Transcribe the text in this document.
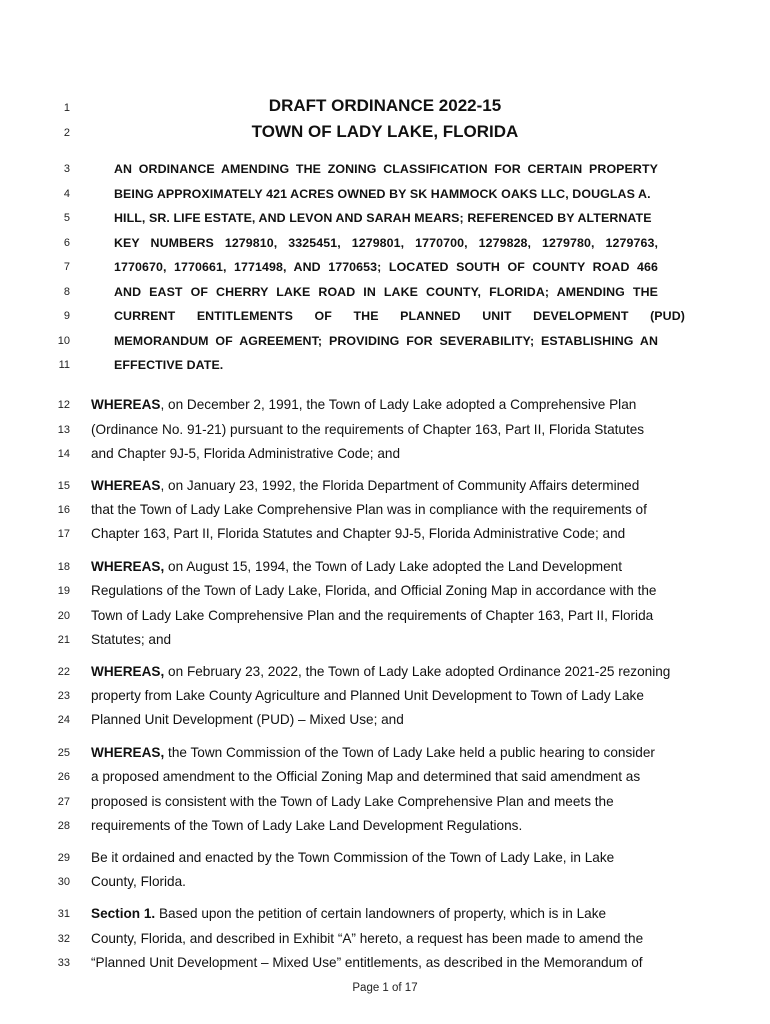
1
2
3
4
5
6
7
8
9
10
11
12
13
14
15
16
17
18
19
20
21
22
23
24
25
26
27
28
29
30
31
32
33
DRAFT ORDINANCE 2022-15
TOWN OF LADY LAKE, FLORIDA
AN ORDINANCE AMENDING THE ZONING CLASSIFICATION FOR CERTAIN PROPERTY
BEING APPROXIMATELY 421 ACRES OWNED BY SK HAMMOCK OAKS LLC, DOUGLAS A.
HILL, SR. LIFE ESTATE, AND LEVON AND SARAH MEARS; REFERENCED BY ALTERNATE
KEY NUMBERS 1279810, 3325451, 1279801, 1770700, 1279828, 1279780, 1279763,
1770670, 1770661, 1771498, AND 1770653; LOCATED SOUTH OF COUNTY ROAD 466
AND EAST OF CHERRY LAKE ROAD IN LAKE COUNTY, FLORIDA; AMENDING THE
CURRENT ENTITLEMENTS OF THE PLANNED UNIT DEVELOPMENT (PUD)
MEMORANDUM OF AGREEMENT; PROVIDING FOR SEVERABILITY; ESTABLISHING AN
EFFECTIVE DATE.
WHEREAS, on December 2, 1991, the Town of Lady Lake adopted a Comprehensive Plan
(Ordinance No. 91-21) pursuant to the requirements of Chapter 163, Part II, Florida Statutes
and Chapter 9J-5, Florida Administrative Code; and
WHEREAS, on January 23, 1992, the Florida Department of Community Affairs determined
that the Town of Lady Lake Comprehensive Plan was in compliance with the requirements of
Chapter 163, Part II, Florida Statutes and Chapter 9J-5, Florida Administrative Code; and
WHEREAS, on August 15, 1994, the Town of Lady Lake adopted the Land Development
Regulations of the Town of Lady Lake, Florida, and Official Zoning Map in accordance with the
Town of Lady Lake Comprehensive Plan and the requirements of Chapter 163, Part II, Florida
Statutes; and
WHEREAS, on February 23, 2022, the Town of Lady Lake adopted Ordinance 2021-25 rezoning
property from Lake County Agriculture and Planned Unit Development to Town of Lady Lake
Planned Unit Development (PUD) – Mixed Use; and
WHEREAS, the Town Commission of the Town of Lady Lake held a public hearing to consider
a proposed amendment to the Official Zoning Map and determined that said amendment as
proposed is consistent with the Town of Lady Lake Comprehensive Plan and meets the
requirements of the Town of Lady Lake Land Development Regulations.
Be it ordained and enacted by the Town Commission of the Town of Lady Lake, in Lake
County, Florida.
Section 1. Based upon the petition of certain landowners of property, which is in Lake
County, Florida, and described in Exhibit “A” hereto, a request has been made to amend the
“Planned Unit Development – Mixed Use” entitlements, as described in the Memorandum of
Page 1 of 17
